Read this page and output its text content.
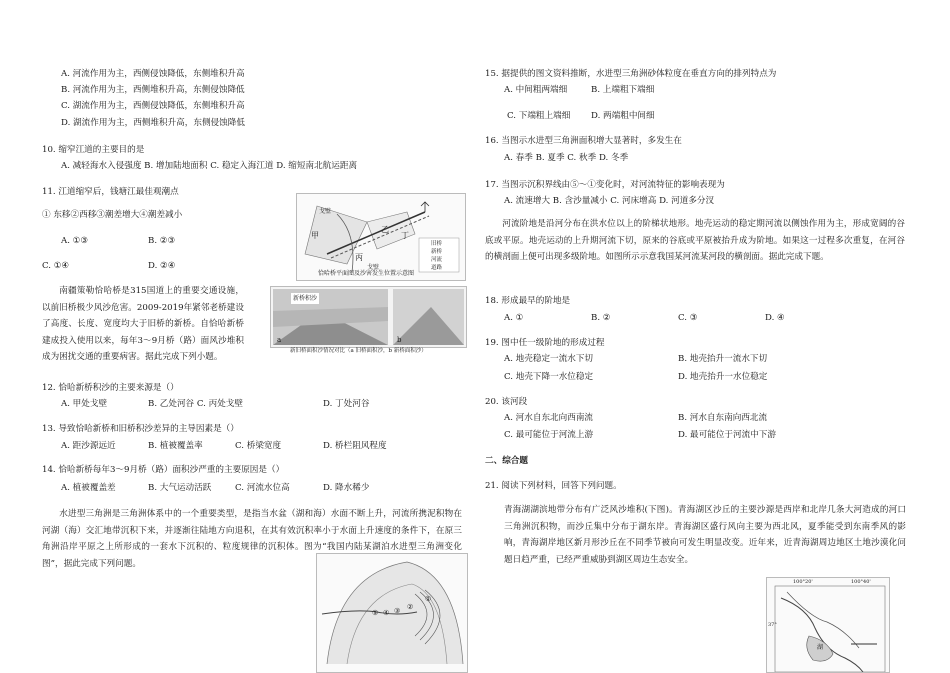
A. 河流作用为主，西侧侵蚀降低，东侧堆积升高
B. 河流作用为主，西侧堆积升高，东侧侵蚀降低
C. 湖流作用为主，西侧侵蚀降低，东侧堆积升高
D. 湖流作用为主，西侧堆积升高，东侧侵蚀降低
10. 缩窄江道的主要目的是
A. 减轻海水入侵强度 B. 增加陆地面积 C. 稳定入海江道 D. 缩短南北航运距离
11. 江道缩窄后，钱塘江最佳观潮点
① 东移②西移③潮差增大④潮差减小
A. ①③	B. ②③
C. ①④	D. ②④
戈壁
甲
乙
丙
丁
戈壁
旧桥
新桥
河流
道路
恰哈桥平面图及沙害发生位置示意图
南疆策勒恰哈桥是315国道上的重要交通设施，以前旧桥极少风沙危害。2009-2019年紧邻老桥建设了高度、长度、宽度均大于旧桥的新桥。自恰哈新桥建成投入使用以来，每年3～9月桥（路）面风沙堆积成为困扰交通的重要病害。据此完成下列小题。
新桥积沙
a	b
新旧桥面积沙情况对比（a 旧桥面积沙，b 新桥面积沙）
12. 恰哈新桥积沙的主要来源是（）
A. 甲处戈壁	B. 乙处河谷 C. 丙处戈壁	D. 丁处河谷
13. 导致恰哈新桥和旧桥积沙差异的主导因素是（）
A. 距沙源远近	B. 植被覆盖率	C. 桥梁宽度	D. 桥栏阻风程度
14. 恰哈新桥每年3～9月桥（路）面积沙严重的主要原因是（）
A. 植被覆盖差	B. 大气运动活跃	C. 河流水位高	D. 降水稀少
水进型三角洲是三角洲体系中的一个重要类型，是指当水盆（湖和海）水面不断上升，河流所携泥积物在河湖（海）交汇地带沉积下来，并逐渐往陆地方向退积，在其有效沉积率小于水面上升速度的条件下，在原三角洲沿岸平原之上所形成的一套水下沉积的、粒度规律的沉积体。图为“我国内陆某湖泊水进型三角洲变化图”，据此完成下列问题。
⑤ ④ ③ ②
①
15. 据提供的图文资料推断，水进型三角洲砂体粒度在垂直方向的排列特点为
A. 中间粗两端细	B. 上端粗下端细
C. 下端粗上端细 D. 两端粗中间细
16. 当图示水进型三角洲面积增大显著时，多发生在
A. 春季 B. 夏季 C. 秋季 D. 冬季
17. 当图示沉积界线由⑤～①变化时，对河流特征的影响表现为
A. 流速增大 B. 含沙量减小 C. 河床增高 D. 河道多分汊
河流阶地是沿河分布在洪水位以上的阶梯状地形。地壳运动的稳定期河流以侧蚀作用为主，形成宽阔的谷底或平原。地壳运动的上升期河流下切，原来的谷底或平原被抬升成为阶地。如果这一过程多次重复，在河谷的横剖面上便可出现多级阶地。如图所示示意我国某河流某河段的横剖面。据此完成下题。
18. 形成最早的阶地是
A. ①	B. ②	C. ③	D. ④
19. 图中任一级阶地的形成过程
A. 地壳稳定一流水下切	B. 地壳抬升一流水下切
C. 地壳下降一水位稳定	D. 地壳抬升一水位稳定
20. 该河段
A. 河水自东北向西南流	B. 河水自东南向西北流
C. 最可能位于河流上游	D. 最可能位于河流中下游
二、综合题
21. 阅读下列材料，回答下列问题。
青海湖湖滨地带分布有广泛风沙堆积(下图)。青海湖区沙丘的主要沙源是西岸和北岸几条大河造成的河口三角洲沉积物，而沙丘集中分布于湖东岸。青海湖区盛行风向主要为西北风，夏季能受到东南季风的影响，青海湖岸地区新月形沙丘在不同季节被向可发生明显改变。近年来，近青海湖周边地区土地沙漠化问题日趋严重，已经严重威胁到湖区周边生态安全。
100°20'	100°40'
37°
湖
